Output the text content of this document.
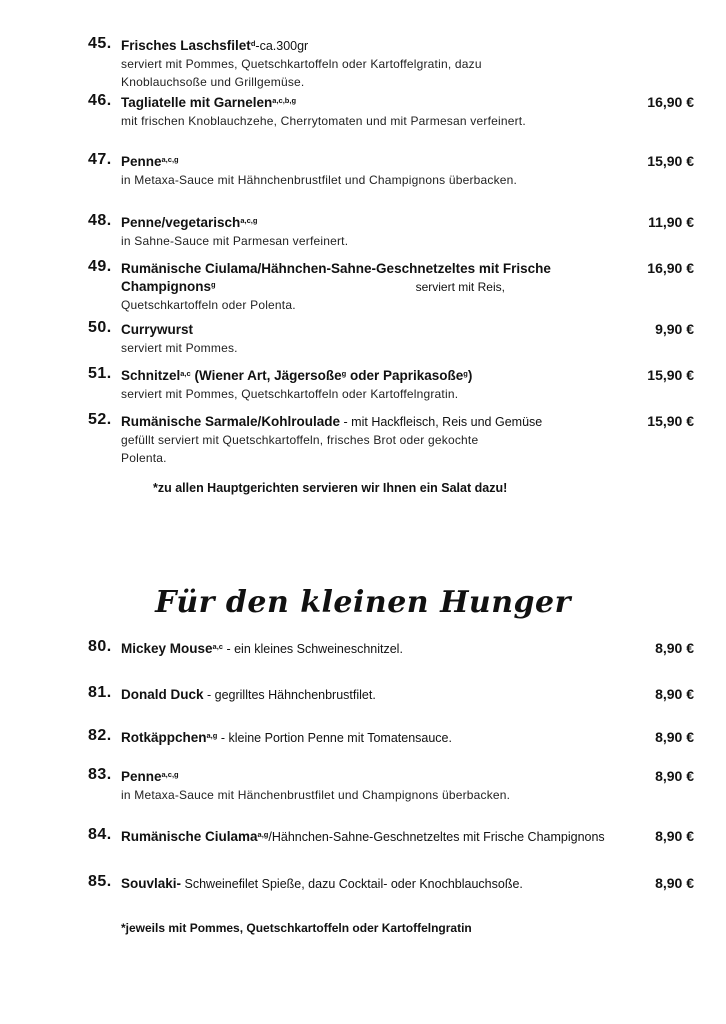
45. Frisches Laschsfilet$^d$-ca.300gr
serviert mit Pommes, Quetschkartoffeln oder Kartoffelgratin, dazu
Knoblauchsoße und Grillgemüse.
46. Tagliatelle mit Garnelen$^{a,c,b,g}$
mit frischen Knoblauchzehe, Cherrytomaten und mit Parmesan verfeinert.
16,90 €
47. Penne$^{a,c,g}$
in Metaxa-Sauce mit Hähnchenbrustfilet und Champignons überbacken.
15,90 €
48. Penne/vegetarisch$^{a,c,g}$
in Sahne-Sauce mit Parmesan verfeinert.
11,90 €
49. Rumänische Ciulama/Hähnchen-Sahne-Geschnetzeltes mit Frische Champignons$^g$	serviert mit Reis,
Quetschkartoffeln oder Polenta.
16,90 €
50. Currywurst
serviert mit Pommes.
9,90 €
51. Schnitzel$^{a,c}$ (Wiener Art, Jägersoße$^g$ oder Paprikasoße$^g$)
serviert mit Pommes, Quetschkartoffeln oder Kartoffelngratin.
15,90 €
52. Rumänische Sarmale/Kohlroulade - mit Hackfleisch, Reis und Gemüse
gefüllt serviert mit Quetschkartoffeln, frisches Brot oder gekochte
Polenta.
15,90 €
*zu allen Hauptgerichten servieren wir Ihnen ein Salat dazu!
Für den kleinen Hunger
80. Mickey Mouse$^{a,c}$ - ein kleines Schweineschnitzel.	8,90 €
81. Donald Duck - gegrilltes Hähnchenbrustfilet.	8,90 €
82. Rotkäppchen$^{a,g}$ - kleine Portion Penne mit Tomatensauce.	8,90 €
83. Penne$^{a,c,g}$
in Metaxa-Sauce mit Hänchenbrustfilet und Champignons überbacken.
8,90 €
84. Rumänische Ciulama$^{a,g}$/Hähnchen-Sahne-Geschnetzeltes mit Frische Champignons	8,90 €
85. Souvlaki- Schweinefilet Spieße, dazu Cocktail- oder Knochblauchsoße.	8,90 €
*jeweils mit Pommes, Quetschkartoffeln oder Kartoffelngratin
